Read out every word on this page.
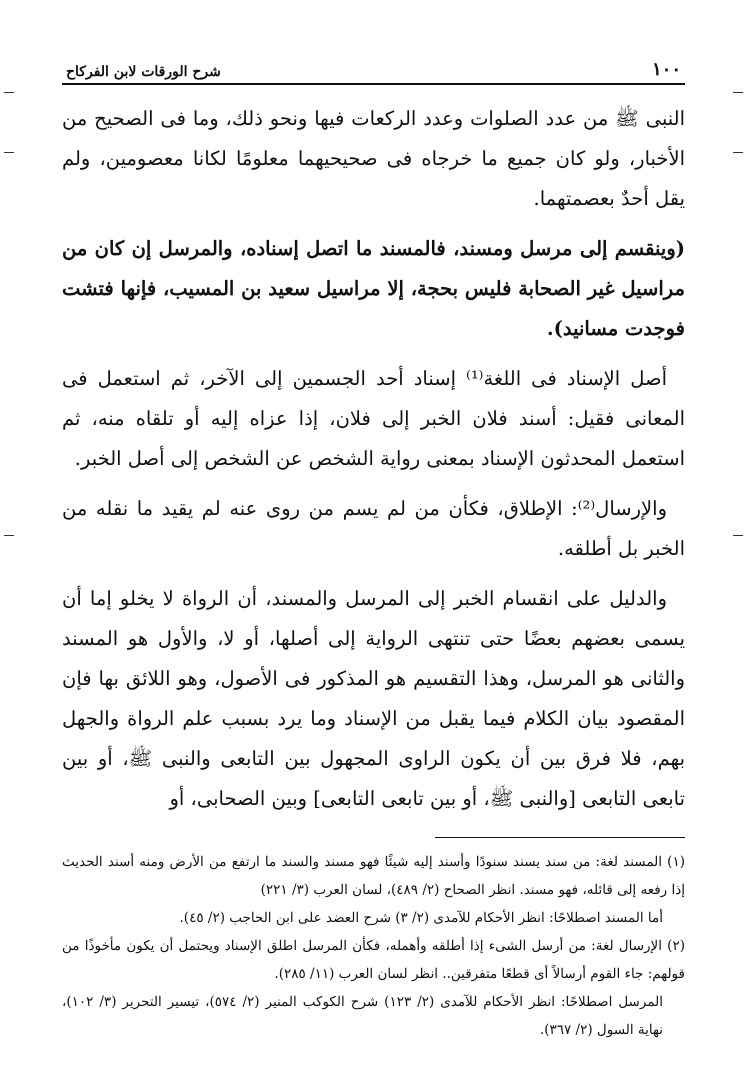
١٠٠
شرح الورقات لابن الفركاح

النبى ﷺ من عدد الصلوات وعدد الركعات فيها ونحو ذلك، وما فى الصحيح من الأخبار، ولو كان جميع ما خرجاه فى صحيحيهما معلومًا لكانا معصومين، ولم يقل أحدٌ بعصمتهما.

(وينقسم إلى مرسل ومسند، فالمسند ما اتصل إسناده، والمرسل إن كان من مراسيل غير الصحابة فليس بحجة، إلا مراسيل سعيد بن المسيب، فإنها فتشت فوجدت مسانيد).

أصل الإسناد فى اللغة⁽¹⁾ إسناد أحد الجسمين إلى الآخر، ثم استعمل فى المعانى فقيل: أسند فلان الخبر إلى فلان، إذا عزاه إليه أو تلقاه منه، ثم استعمل المحدثون الإسناد بمعنى رواية الشخص عن الشخص إلى أصل الخبر.

والإرسال⁽²⁾: الإطلاق، فكأن من لم يسم من روى عنه لم يقيد ما نقله من الخبر بل أطلقه.

والدليل على انقسام الخبر إلى المرسل والمسند، أن الرواة لا يخلو إما أن يسمى بعضهم بعضًا حتى تنتهى الرواية إلى أصلها، أو لا، والأول هو المسند والثانى هو المرسل، وهذا التقسيم هو المذكور فى الأصول، وهو اللائق بها فإن المقصود بيان الكلام فيما يقبل من الإسناد وما يرد بسبب علم الرواة والجهل بهم، فلا فرق بين أن يكون الراوى المجهول بين التابعى والنبى ﷺ، أو بين تابعى التابعى [والنبى ﷺ، أو بين تابعى التابعى] وبين الصحابى، أو

(١) المسند لغة: من سند يسند سنودًا وأسند إليه شيئًا فهو مسند والسند ما ارتفع من الأرض ومنه أسند الحديث إذا رفعه إلى قائله، فهو مسند. انظر الصحاح (٢/ ٤٨٩)، لسان العرب (٣/ ٢٢١)

أما المسند اصطلاحًا: انظر الأحكام للآمدى (٢/ ٣) شرح العضد على ابن الحاجب (٢/ ٤٥).

(٢) الإرسال لغة: من أرسل الشىء إذا أطلقه وأهمله، فكأن المرسل اطلق الإسناد ويحتمل أن يكون مأخوذًا من قولهم: جاء القوم أرسالاً أى قطعًا متفرقين.. انظر لسان العرب (١١/ ٢٨٥).

المرسل اصطلاحًا: انظر الأحكام للآمدى (٢/ ١٢٣) شرح الكوكب المنير (٢/ ٥٧٤)، تيسير التحرير (٣/ ١٠٢)، نهاية السول (٢/ ٣٦٧).
